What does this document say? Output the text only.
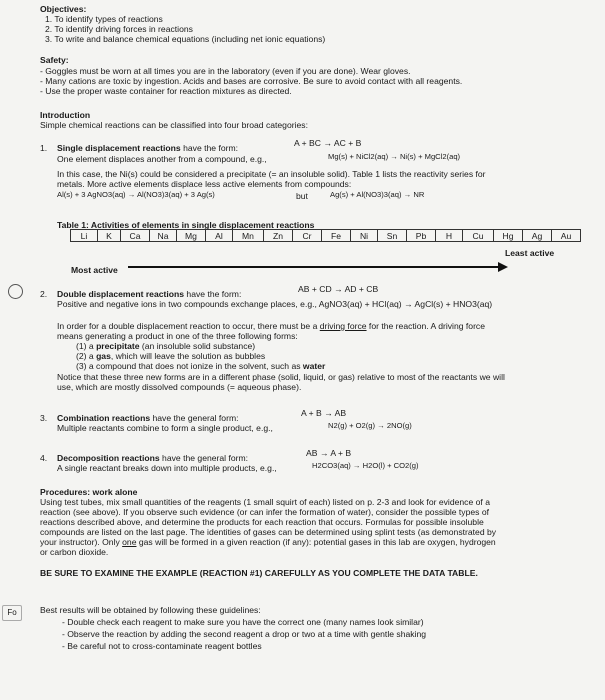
Objectives:
1. To identify types of reactions
2. To identify driving forces in reactions
3. To write and balance chemical equations (including net ionic equations)
Safety:
- Goggles must be worn at all times you are in the laboratory (even if you are done). Wear gloves.
- Many cations are toxic by ingestion. Acids and bases are corrosive. Be sure to avoid contact with all reagents.
- Use the proper waste container for reaction mixtures as directed.
Introduction
Simple chemical reactions can be classified into four broad categories:
1. Single displacement reactions have the form:	A + BC → AC + B
One element displaces another from a compound, e.g.,	Mg(s) + NiCl2(aq) → Ni(s) + MgCl2(aq)
In this case, the Ni(s) could be considered a precipitate (= an insoluble solid). Table 1 lists the reactivity series for
metals. More active elements displace less active elements from compounds:
Al(s) + 3 AgNO3(aq) → Al(NO3)3(aq) + 3 Ag(s)	but	Ag(s) + Al(NO3)3(aq) → NR
Table 1: Activities of elements in single displacement reactions
Li	K	Ca	Na	Mg	Al	Mn	Zn	Cr	Fe	Ni	Sn	Pb	H	Cu	Hg	Ag	Au
Most active
Least active
2. Double displacement reactions have the form:	AB + CD → AD + CB
Positive and negative ions in two compounds exchange places, e.g., AgNO3(aq) + HCl(aq) → AgCl(s) + HNO3(aq)
In order for a double displacement reaction to occur, there must be a driving force for the reaction. A driving force
means generating a product in one of the three following forms:
(1) a precipitate (an insoluble solid substance)
(2) a gas, which will leave the solution as bubbles
(3) a compound that does not ionize in the solvent, such as water
Notice that these three new forms are in a different phase (solid, liquid, or gas) relative to most of the reactants we will
use, which are mostly dissolved compounds (= aqueous phase).
3. Combination reactions have the general form:	A + B → AB
Multiple reactants combine to form a single product, e.g.,	N2(g) + O2(g) → 2NO(g)
4. Decomposition reactions have the general form:	AB → A + B
A single reactant breaks down into multiple products, e.g.,	H2CO3(aq) → H2O(l) + CO2(g)
Procedures: work alone
Using test tubes, mix small quantities of the reagents (1 small squirt of each) listed on p. 2-3 and look for evidence of a
reaction (see above). If you observe such evidence (or can infer the formation of water), consider the possible types of
reactions described above, and determine the products for each reaction that occurs. Formulas for possible insoluble
compounds are listed on the last page. The identities of gases can be determined using splint tests (as demonstrated by
your instructor). Only one gas will be formed in a given reaction (if any): potential gases in this lab are oxygen, hydrogen
or carbon dioxide.
BE SURE TO EXAMINE THE EXAMPLE (REACTION #1) CAREFULLY AS YOU COMPLETE THE DATA TABLE.
Fo	Best results will be obtained by following these guidelines:
- Double check each reagent to make sure you have the correct one (many names look similar)
- Observe the reaction by adding the second reagent a drop or two at a time with gentle shaking
- Be careful not to cross-contaminate reagent bottles
